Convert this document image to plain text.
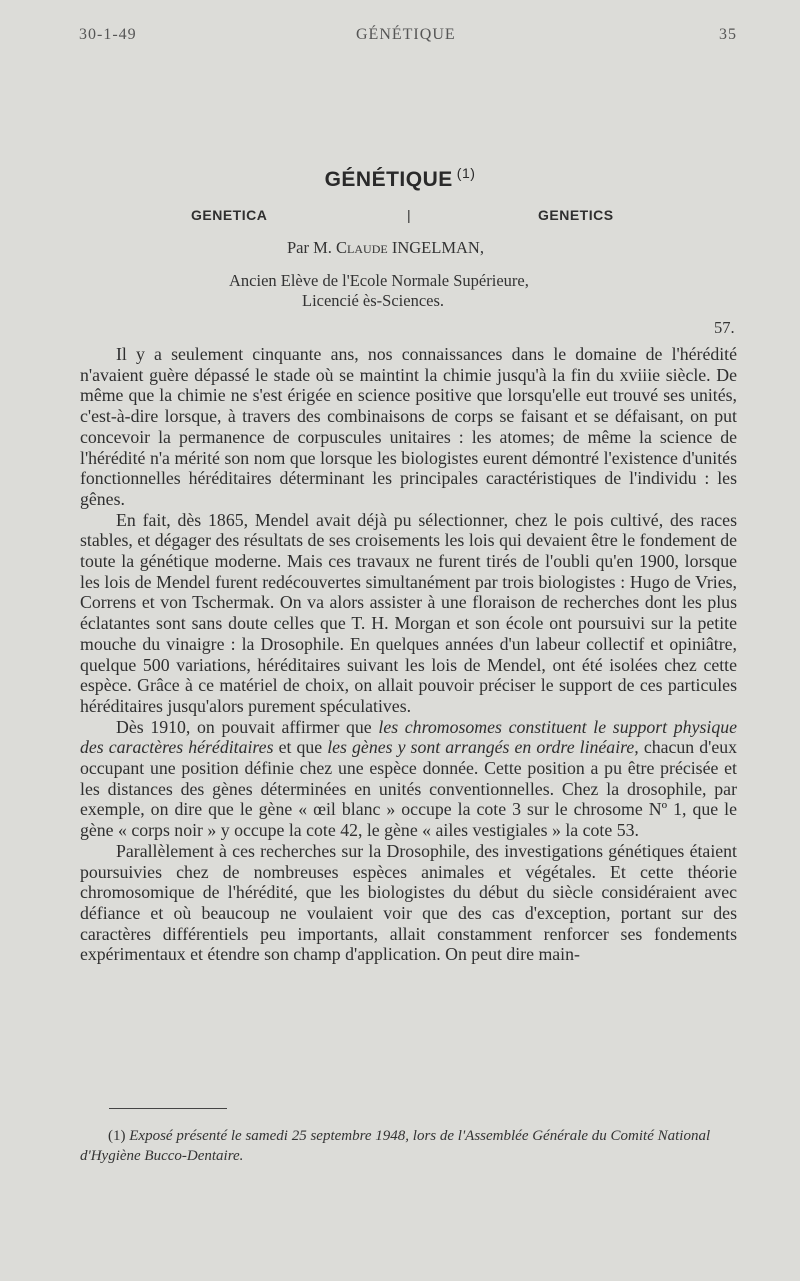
30-1-49	GÉNÉTIQUE	35
GÉNÉTIQUE $^{(1)}$
GENETICA	|	GENETICS
Par M. Claude INGELMAN,
Ancien Elève de l'Ecole Normale Supérieure,
Licencié ès-Sciences.
57.

Il y a seulement cinquante ans, nos connaissances dans le domaine de l'hérédité n'avaient guère dépassé le stade où se maintint la chimie jusqu'à la fin du xviiie siècle. De même que la chimie ne s'est érigée en science positive que lorsqu'elle eut trouvé ses unités, c'est-à-dire lorsque, à travers des combinaisons de corps se faisant et se défaisant, on put concevoir la permanence de corpuscules unitaires : les atomes; de même la science de l'hérédité n'a mérité son nom que lorsque les biologistes eurent démontré l'existence d'unités fonctionnelles héréditaires déterminant les principales caractéristiques de l'individu : les gênes.

En fait, dès 1865, Mendel avait déjà pu sélectionner, chez le pois cultivé, des races stables, et dégager des résultats de ses croisements les lois qui devaient être le fondement de toute la génétique moderne. Mais ces travaux ne furent tirés de l'oubli qu'en 1900, lorsque les lois de Mendel furent redécouvertes simultanément par trois biologistes : Hugo de Vries, Correns et von Tschermak. On va alors assister à une floraison de recherches dont les plus éclatantes sont sans doute celles que T. H. Morgan et son école ont poursuivi sur la petite mouche du vinaigre : la Drosophile. En quelques années d'un labeur collectif et opiniâtre, quelque 500 variations, héréditaires suivant les lois de Mendel, ont été isolées chez cette espèce. Grâce à ce matériel de choix, on allait pouvoir préciser le support de ces particules héréditaires jusqu'alors purement spéculatives.

Dès 1910, on pouvait affirmer que les chromosomes constituent le support physique des caractères héréditaires et que les gènes y sont arrangés en ordre linéaire, chacun d'eux occupant une position définie chez une espèce donnée. Cette position a pu être précisée et les distances des gènes déterminées en unités conventionnelles. Chez la drosophile, par exemple, on dire que le gène « œil blanc » occupe la cote 3 sur le chrosome Nº 1, que le gène « corps noir » y occupe la cote 42, le gène « ailes vestigiales » la cote 53.

Parallèlement à ces recherches sur la Drosophile, des investigations génétiques étaient poursuivies chez de nombreuses espèces animales et végétales. Et cette théorie chromosomique de l'hérédité, que les biologistes du début du siècle considéraient avec défiance et où beaucoup ne voulaient voir que des cas d'exception, portant sur des caractères différentiels peu importants, allait constamment renforcer ses fondements expérimentaux et étendre son champ d'application. On peut dire main-

(1) Exposé présenté le samedi 25 septembre 1948, lors de l'Assemblée Générale du Comité National d'Hygiène Bucco-Dentaire.
